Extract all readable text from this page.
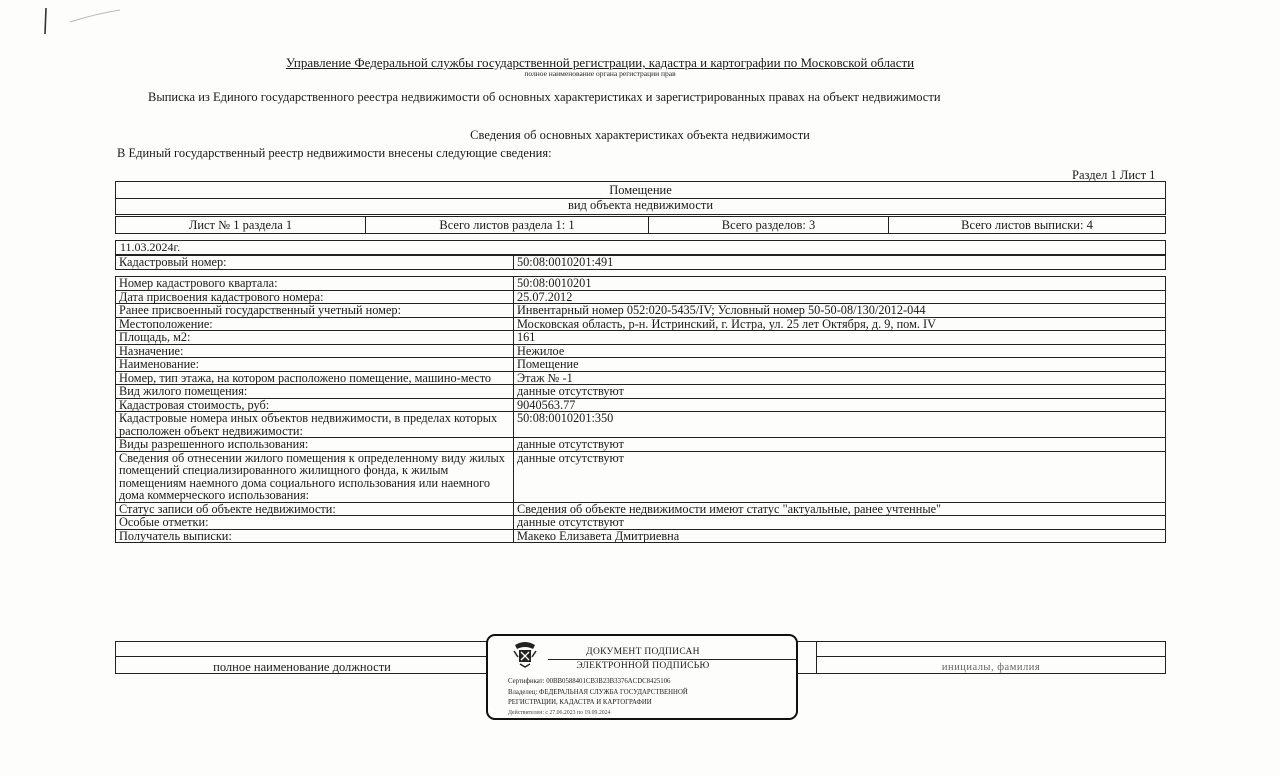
Управление Федеральной службы государственной регистрации, кадастра и картографии по Московской области
полное наименование органа регистрации прав
Выписка из Единого государственного реестра недвижимости об основных характеристиках и зарегистрированных правах на объект недвижимости
Сведения об основных характеристиках объекта недвижимости
В Единый государственный реестр недвижимости внесены следующие сведения:
Раздел 1 Лист 1
Помещение
вид объекта недвижимости
Лист № 1 раздела 1	Всего листов раздела 1: 1	Всего разделов: 3	Всего листов выписки: 4
11.03.2024г.
Кадастровый номер:	50:08:0010201:491
Номер кадастрового квартала:	50:08:0010201
Дата присвоения кадастрового номера:	25.07.2012
Ранее присвоенный государственный учетный номер:	Инвентарный номер 052:020-5435/IV; Условный номер 50-50-08/130/2012-044
Местоположение:	Московская область, р-н. Истринский, г. Истра, ул. 25 лет Октября, д. 9, пом. IV
Площадь, м2:	161
Назначение:	Нежилое
Наименование:	Помещение
Номер, тип этажа, на котором расположено помещение, машино-место	Этаж № -1
Вид жилого помещения:	данные отсутствуют
Кадастровая стоимость, руб:	9040563.77
Кадастровые номера иных объектов недвижимости, в пределах которых расположен объект недвижимости:	50:08:0010201:350
Виды разрешенного использования:	данные отсутствуют
Сведения об отнесении жилого помещения к определенному виду жилых помещений специализированного жилищного фонда, к жилым помещениям наемного дома социального использования или наемного дома коммерческого использования:	данные отсутствуют
Статус записи об объекте недвижимости:	Сведения об объекте недвижимости имеют статус "актуальные, ранее учтенные"
Особые отметки:	данные отсутствуют
Получатель выписки:	Макеко Елизавета Дмитриевна
полное наименование должности	инициалы, фамилия
ДОКУМЕНТ ПОДПИСАН
ЭЛЕКТРОННОЙ ПОДПИСЬЮ
Сертификат: 00BB0588401CB3B23B3376ACDC8425106
Владелец: ФЕДЕРАЛЬНАЯ СЛУЖБА ГОСУДАРСТВЕННОЙ
РЕГИСТРАЦИИ, КАДАСТРА И КАРТОГРАФИИ
Действителен: с 27.06.2023 по 19.09.2024
